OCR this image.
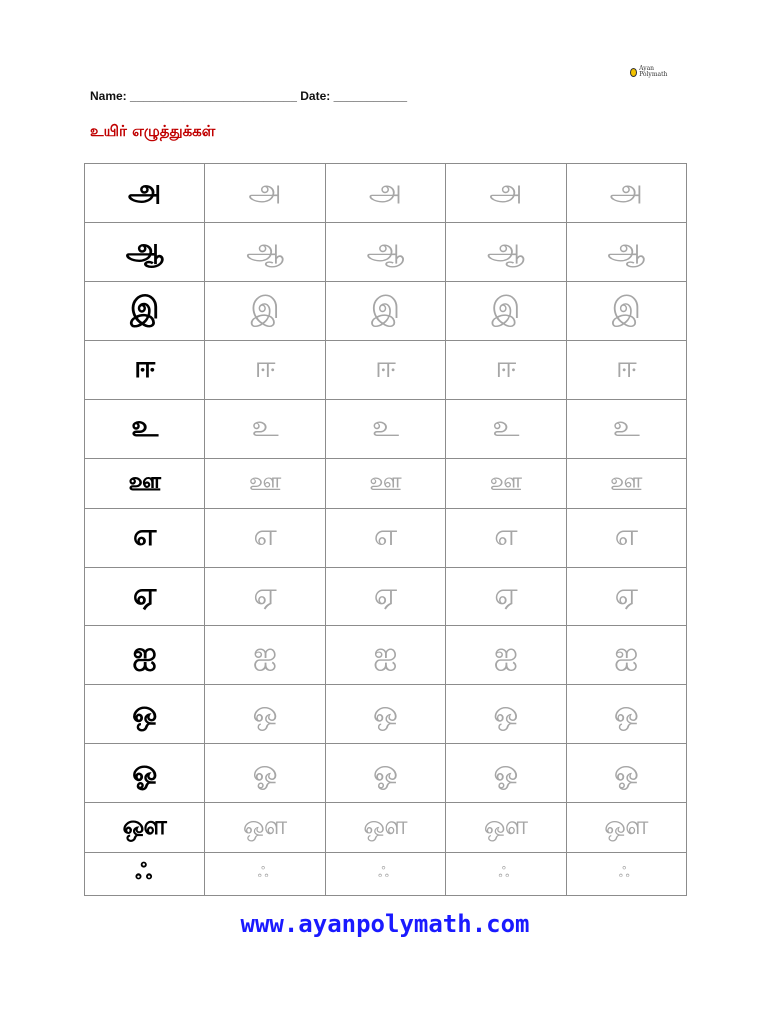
Ayan Polymath
Name: _________________________ Date: ___________
உயிர் எழுத்துக்கள்
அ	அ	அ	அ	அ
ஆ	ஆ	ஆ	ஆ	ஆ
இ	இ	இ	இ	இ
ஈ	ஈ	ஈ	ஈ	ஈ
உ	உ	உ	உ	உ
ஊ	ஊ	ஊ	ஊ	ஊ
எ	எ	எ	எ	எ
ஏ	ஏ	ஏ	ஏ	ஏ
ஐ	ஐ	ஐ	ஐ	ஐ
ஒ	ஒ	ஒ	ஒ	ஒ
ஓ	ஓ	ஓ	ஓ	ஓ
ஔ	ஔ	ஔ	ஔ	ஔ
ஃ	ஃ	ஃ	ஃ	ஃ
www.ayanpolymath.com
